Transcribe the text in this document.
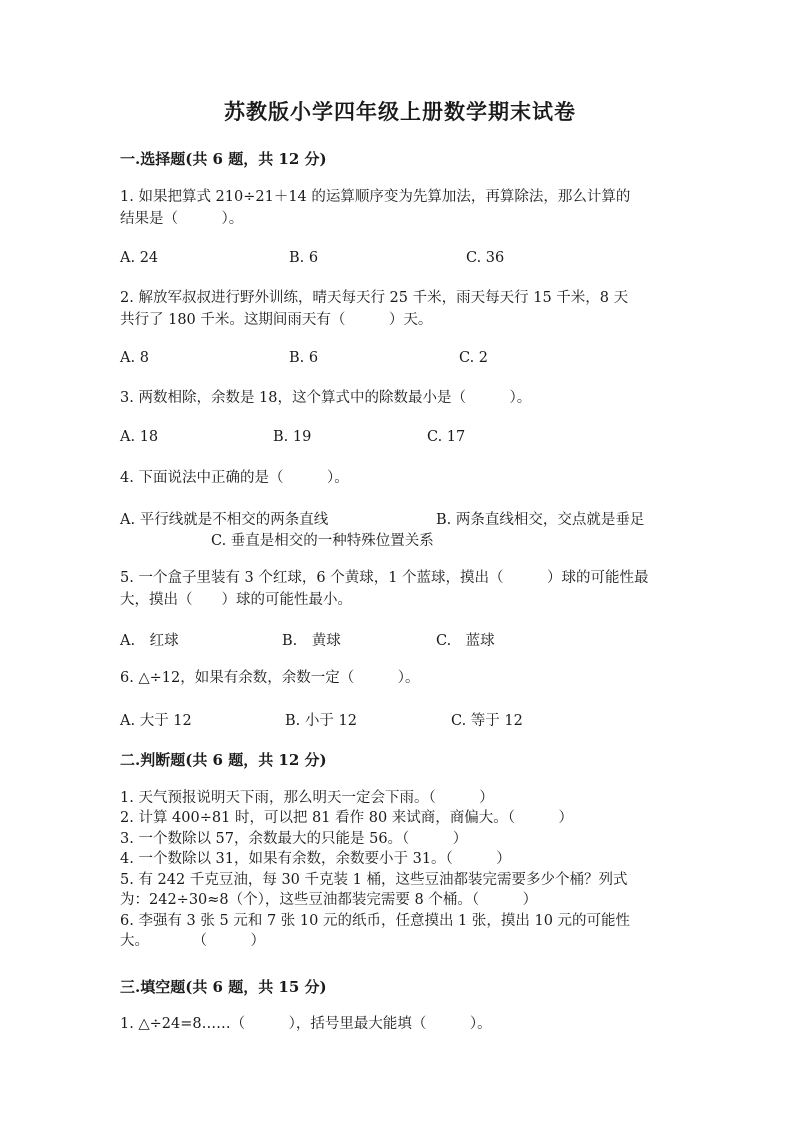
苏教版小学四年级上册数学期末试卷
一.选择题(共 6 题，共 12 分)
1. 如果把算式 210÷21＋14 的运算顺序变为先算加法，再算除法，那么计算的
结果是（　　　）。
A. 24	B. 6	C. 36
2. 解放军叔叔进行野外训练，晴天每天行 25 千米，雨天每天行 15 千米，8 天
共行了 180 千米。这期间雨天有（　　　）天。
A. 8	B. 6	C. 2
3. 两数相除，余数是 18，这个算式中的除数最小是（　　　）。
A. 18	B. 19	C. 17
4. 下面说法中正确的是（　　　）。
A. 平行线就是不相交的两条直线	B. 两条直线相交，交点就是垂足
C. 垂直是相交的一种特殊位置关系
5. 一个盒子里装有 3 个红球，6 个黄球，1 个蓝球，摸出（　　　）球的可能性最
大，摸出（　　）球的可能性最小。
A.　红球	B.　黄球	C.　蓝球
6. △÷12，如果有余数，余数一定（　　　）。
A. 大于 12	B. 小于 12	C. 等于 12
二.判断题(共 6 题，共 12 分)
1. 天气预报说明天下雨，那么明天一定会下雨。（　　　）
2. 计算 400÷81 时，可以把 81 看作 80 来试商，商偏大。（　　　）
3. 一个数除以 57，余数最大的只能是 56。（　　　）
4. 一个数除以 31，如果有余数，余数要小于 31。（　　　）
5. 有 242 千克豆油，每 30 千克装 1 桶，这些豆油都装完需要多少个桶？列式
为：242÷30≈8（个），这些豆油都装完需要 8 个桶。（　　　）
6. 李强有 3 张 5 元和 7 张 10 元的纸币，任意摸出 1 张，摸出 10 元的可能性
大。　　　　（　　　）
三.填空题(共 6 题，共 15 分)
1. △÷24=8……（　　　），括号里最大能填（　　　）。
